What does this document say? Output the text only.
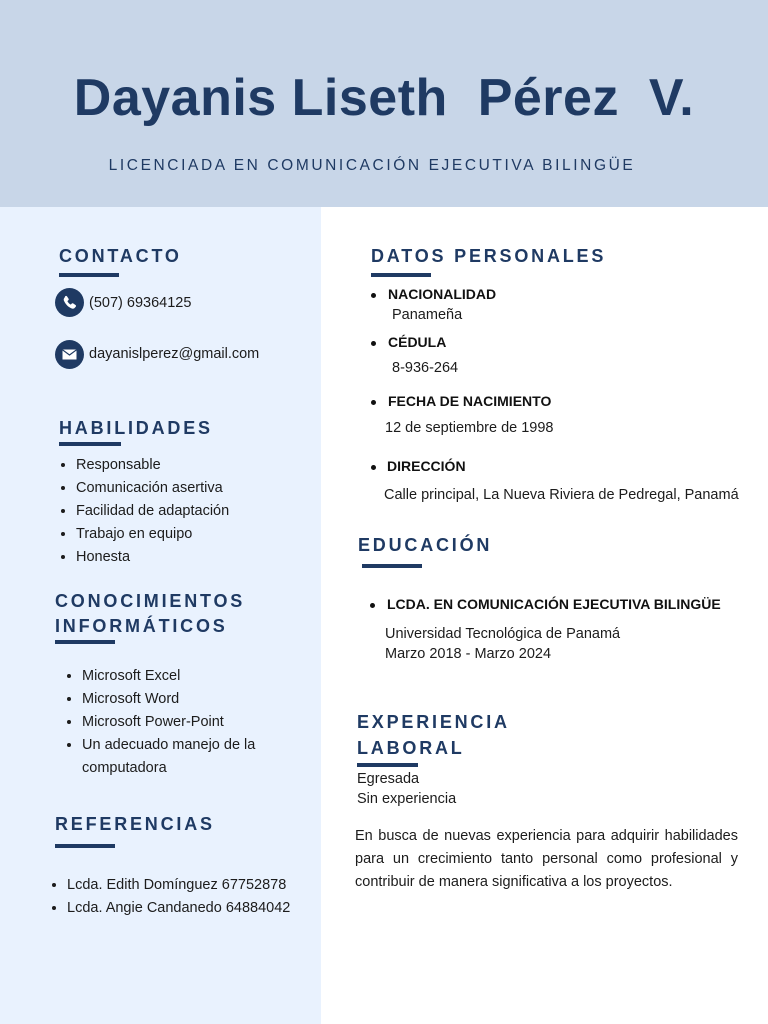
Dayanis Liseth  Pérez  V.
LICENCIADA EN COMUNICACIÓN EJECUTIVA BILINGÜE
CONTACTO
(507) 69364125
dayanislperez@gmail.com
HABILIDADES
• Responsable
• Comunicación asertiva
• Facilidad de adaptación
• Trabajo en equipo
• Honesta
CONOCIMIENTOS
INFORMÁTICOS
• Microsoft Excel
• Microsoft Word
• Microsoft Power-Point
• Un adecuado manejo de la
computadora
REFERENCIAS
• Lcda. Edith Domínguez 67752878
• Lcda. Angie Candanedo 64884042
DATOS PERSONALES
NACIONALIDAD
Panameña
CÉDULA
8-936-264
FECHA DE NACIMIENTO
12 de septiembre de 1998
DIRECCIÓN
Calle principal, La Nueva Riviera de Pedregal, Panamá
EDUCACIÓN
LCDA. EN COMUNICACIÓN EJECUTIVA BILINGÜE
Universidad Tecnológica de Panamá
Marzo 2018 - Marzo 2024
EXPERIENCIA
LABORAL
Egresada
Sin experiencia
En busca de nuevas experiencia para adquirir habilidades para un crecimiento tanto personal como profesional y contribuir de manera significativa a los proyectos.
